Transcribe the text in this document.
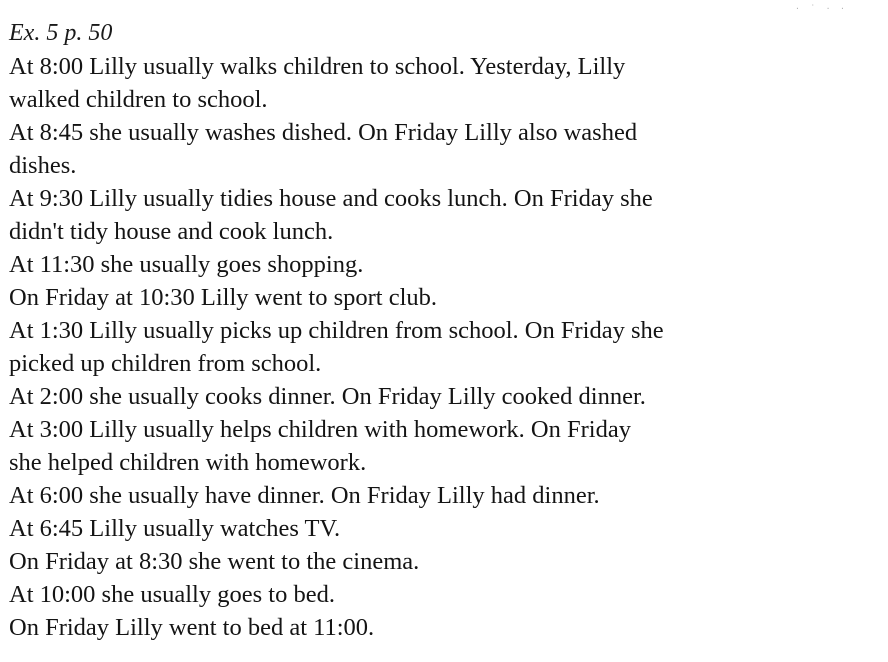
· ˙ · ·
Ex. 5 p. 50
At 8:00 Lilly usually walks children to school. Yesterday, Lilly
walked children to school.
At 8:45 she usually washes dished. On Friday Lilly also washed
dishes.
At 9:30 Lilly usually tidies house and cooks lunch. On Friday she
didn't tidy house and cook lunch.
At 11:30 she usually goes shopping.
On Friday at 10:30 Lilly went to sport club.
At 1:30 Lilly usually picks up children from school. On Friday she
picked up children from school.
At 2:00 she usually cooks dinner. On Friday Lilly cooked dinner.
At 3:00 Lilly usually helps children with homework. On Friday
she helped children with homework.
At 6:00 she usually have dinner. On Friday Lilly had dinner.
At 6:45 Lilly usually watches TV.
On Friday at 8:30 she went to the cinema.
At 10:00 she usually goes to bed.
On Friday Lilly went to bed at 11:00.
